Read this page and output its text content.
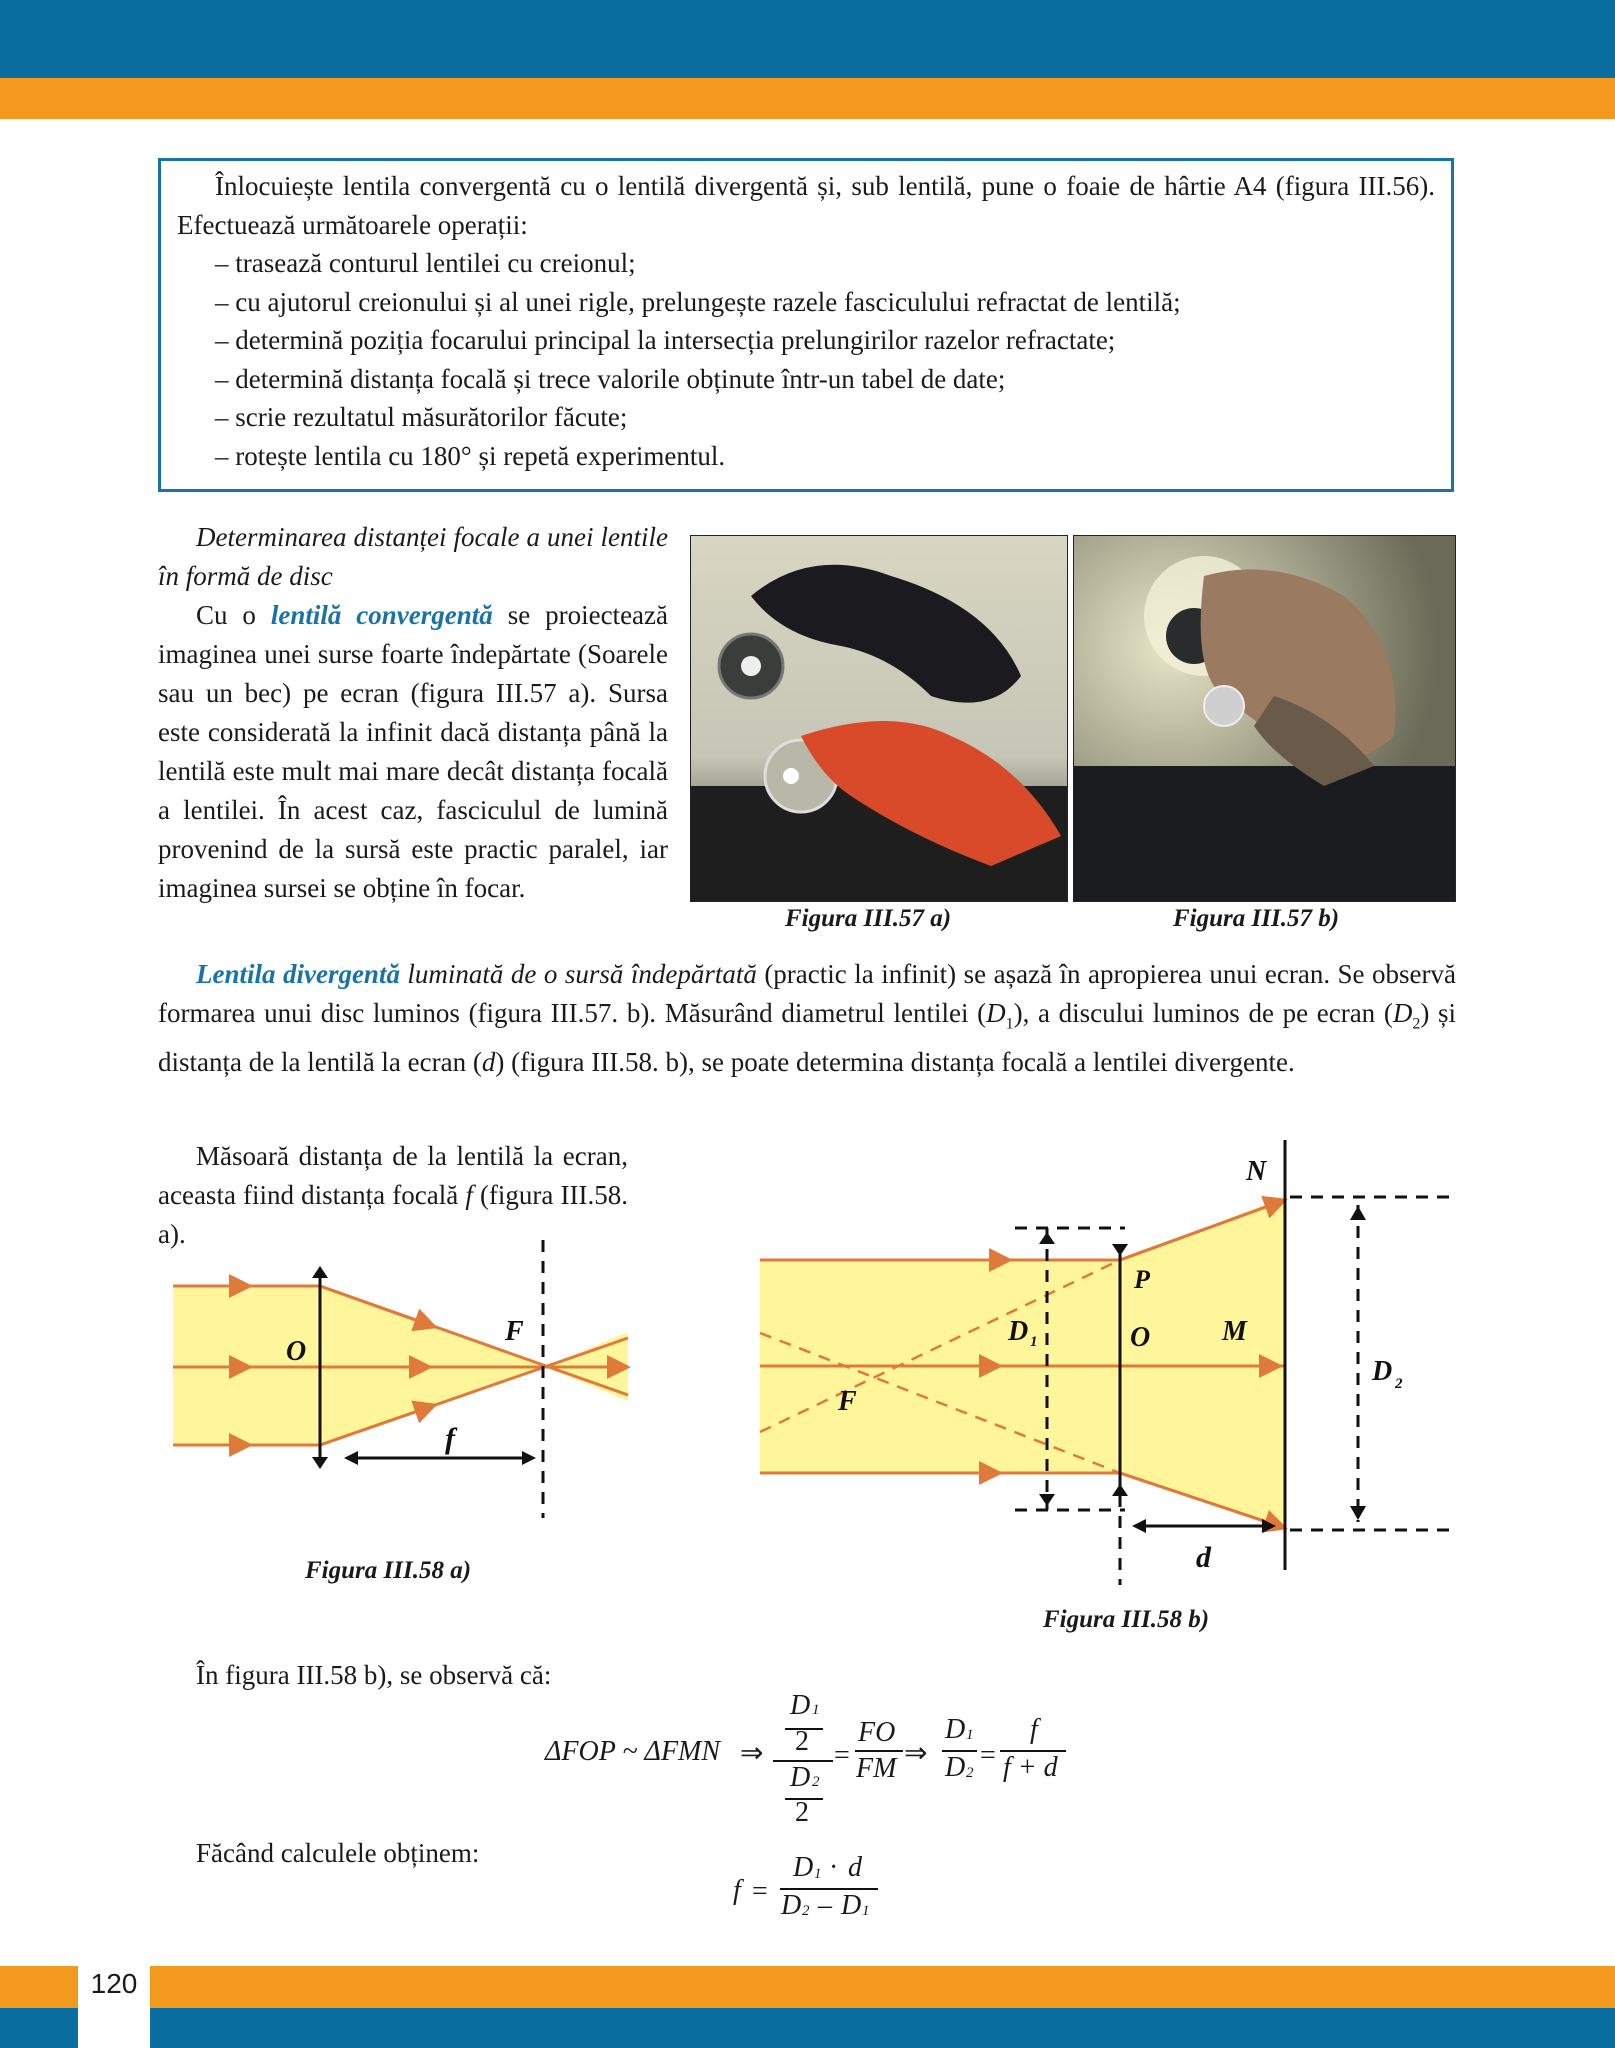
120

Înlocuiește lentila convergentă cu o lentilă divergentă și, sub lentilă, pune o foaie de hârtie A4 (figura III.56). Efectuează următoarele operații:

– trasează conturul lentilei cu creionul;

– cu ajutorul creionului și al unei rigle, prelungește razele fasciculului refractat de lentilă;

– determină poziția focarului principal la intersecția prelungirilor razelor refractate;

– determină distanța focală și trece valorile obținute într-un tabel de date;

– scrie rezultatul măsurătorilor făcute;

– rotește lentila cu 180° și repetă experimentul.

Determinarea distanței focale a unei lentile în formă de disc

Cu o lentilă convergentă se proiectează imaginea unei surse foarte îndepărtate (Soarele sau un bec) pe ecran (figura III.57 a). Sursa este considerată la infinit dacă distanța până la lentilă este mult mai mare decât distanța focală a lentilei. În acest caz, fasciculul de lumină provenind de la sursă este practic paralel, iar imaginea sursei se obține în focar.

Figura III.57 a)	Figura III.57 b)

Lentila divergentă luminată de o sursă îndepărtată (practic la infinit) se așază în apropierea unui ecran. Se observă formarea unui disc luminos (figura III.57. b). Măsurând diametrul lentilei $(D_1)$, a discului luminos de pe ecran $(D_2)$ și distanța de la lentilă la ecran (d) (figura III.58. b), se poate determina distanța focală a lentilei divergente.

Măsoară distanța de la lentilă la ecran, aceasta fiind distanța focală f (figura III.58. a).

O
F
f
Figura III.58 a)
N
P
D 1	O	M
D 2
F
d
Figura III.58 b)
În figura III.58 b), se observă că:
Făcând calculele obținem:
ΔFOP ~ ΔFMN ⇒
D 1
2
D 2
2
=
FO
FM ⇒
D 1
D 2
=
f
f + d
f =
D 1 · d
D 2 – D 1
